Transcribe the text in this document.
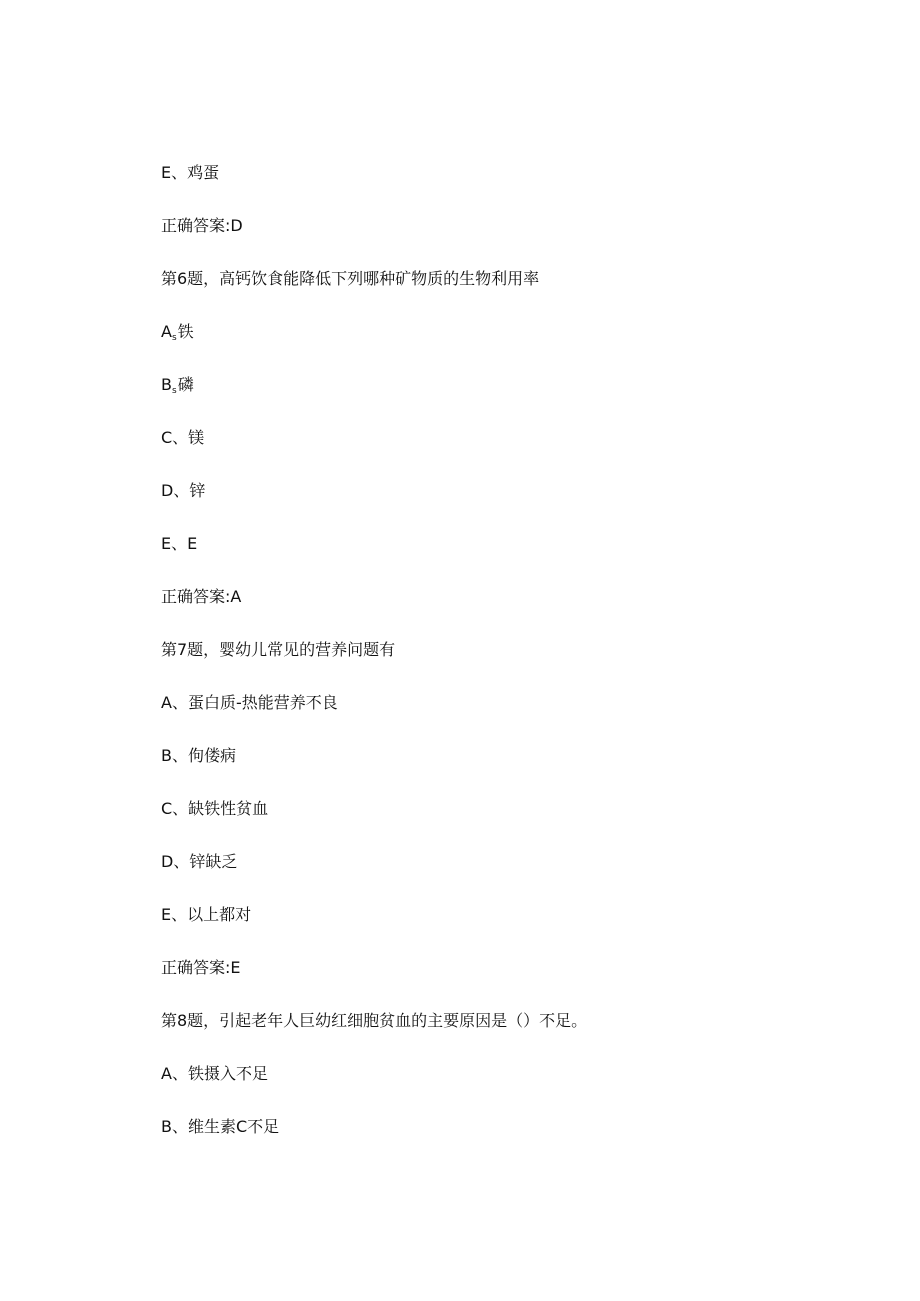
E、鸡蛋
正确答案:D
第6题，高钙饮食能降低下列哪种矿物质的生物利用率
As铁
Bs磷
C、镁
D、锌
E、E
正确答案:A
第7题，婴幼儿常见的营养问题有
A、蛋白质-热能营养不良
B、佝偻病
C、缺铁性贫血
D、锌缺乏
E、以上都对
正确答案:E
第8题，引起老年人巨幼红细胞贫血的主要原因是（）不足。
A、铁摄入不足
B、维生素C不足
